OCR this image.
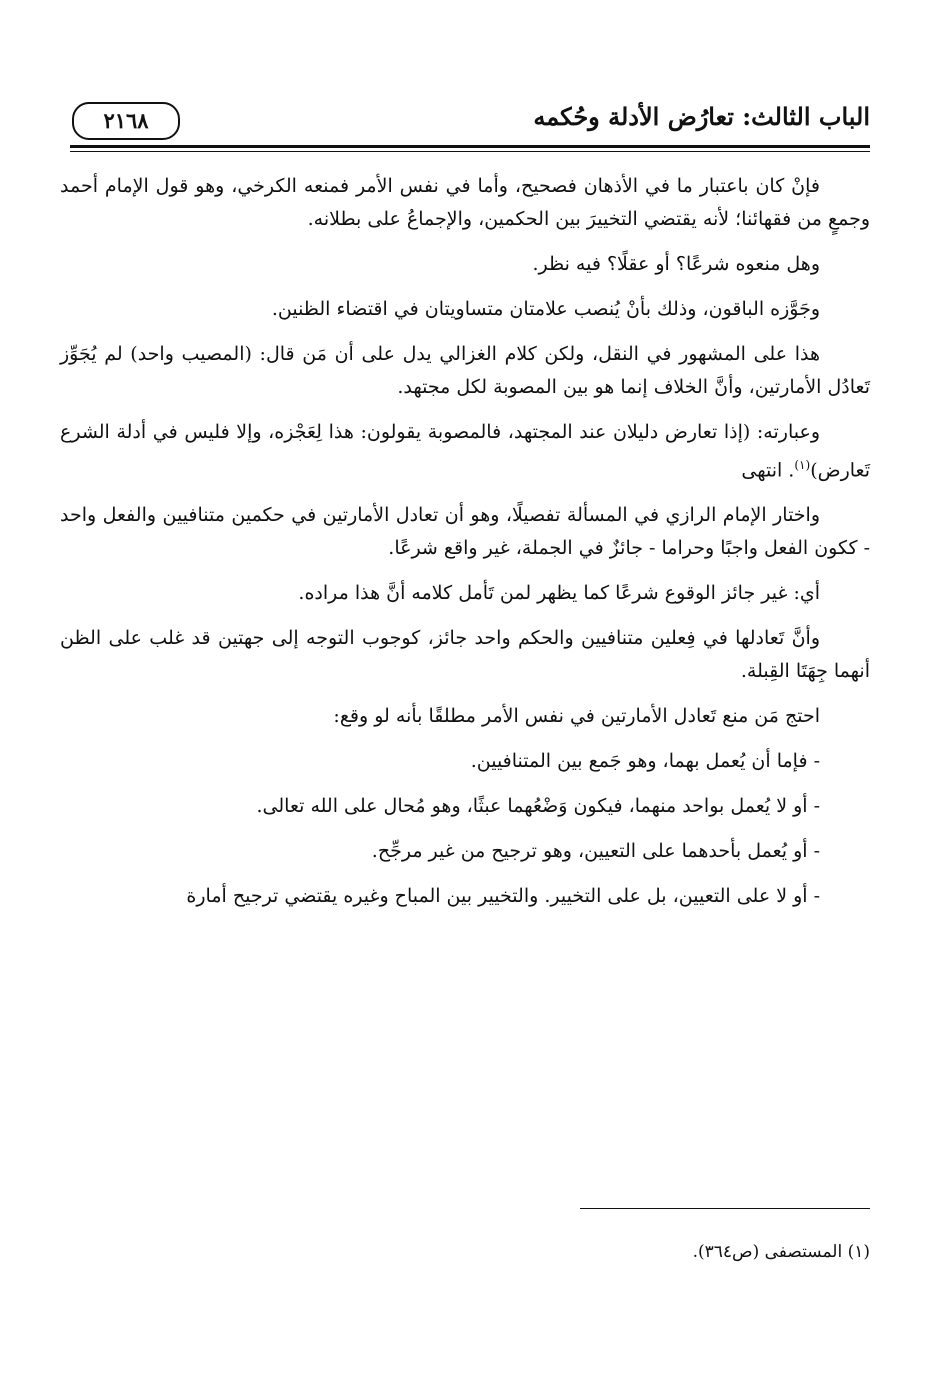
الباب الثالث: تعارُض الأدلة وحُكمه
٢١٦٨

فإنْ كان باعتبار ما في الأذهان فصحيح، وأما في نفس الأمر فمنعه الكرخي، وهو قول الإمام أحمد وجمعٍ من فقهائنا؛ لأنه يقتضي التخييرَ بين الحكمين، والإجماعُ على بطلانه.

وهل منعوه شرعًا؟ أو عقلًا؟ فيه نظر.

وجَوَّزه الباقون، وذلك بأنْ يُنصب علامتان متساويتان في اقتضاء الظنين.

هذا على المشهور في النقل، ولكن كلام الغزالي يدل على أن مَن قال: (المصيب واحد) لم يُجَوِّز تَعادُل الأمارتين، وأنَّ الخلاف إنما هو بين المصوبة لكل مجتهد.

وعبارته: (إذا تعارض دليلان عند المجتهد، فالمصوبة يقولون: هذا لِعَجْزه، وإلا فليس في أدلة الشرع تَعارض)$^{(١)}$. انتهى

واختار الإمام الرازي في المسألة تفصيلًا، وهو أن تعادل الأمارتين في حكمين متنافيين والفعل واحد - ككون الفعل واجبًا وحراما - جائزٌ في الجملة، غير واقع شرعًا.

أي: غير جائز الوقوع شرعًا كما يظهر لمن تَأمل كلامه أنَّ هذا مراده.

وأنَّ تَعادلها في فِعلين متنافيين والحكم واحد جائز، كوجوب التوجه إلى جهتين قد غلب على الظن أنهما جِهَتَا القِبلة.

احتج مَن منع تَعادل الأمارتين في نفس الأمر مطلقًا بأنه لو وقع:

- فإما أن يُعمل بهما، وهو جَمع بين المتنافيين.

- أو لا يُعمل بواحد منهما، فيكون وَضْعُهما عبثًا، وهو مُحال على الله تعالى.

- أو يُعمل بأحدهما على التعيين، وهو ترجيح من غير مرجِّح.

- أو لا على التعيين، بل على التخيير. والتخيير بين المباح وغيره يقتضي ترجيح أمارة

(١) المستصفى (ص٣٦٤).
